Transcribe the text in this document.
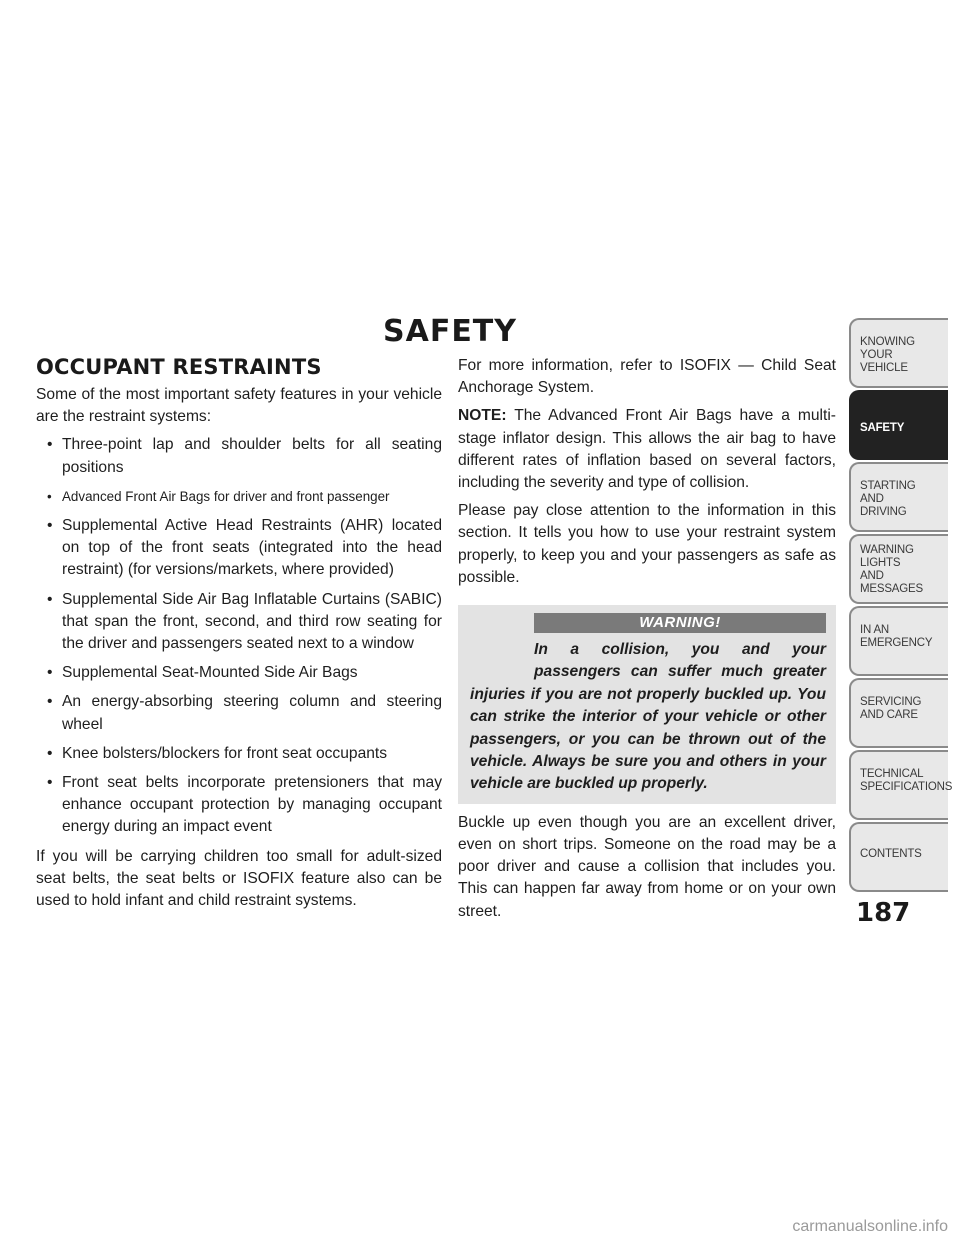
SAFETY
OCCUPANT RESTRAINTS

Some of the most important safety features in your vehicle are the restraint systems:

• Three-point lap and shoulder belts for all seating positions
• Advanced Front Air Bags for driver and front passenger
• Supplemental Active Head Restraints (AHR) located on top of the front seats (integrated into the head restraint) (for versions/markets, where provided)
• Supplemental Side Air Bag Inflatable Curtains (SABIC) that span the front, second, and third row seating for the driver and passengers seated next to a window
• Supplemental Seat-Mounted Side Air Bags
• An energy-absorbing steering column and steering wheel
• Knee bolsters/blockers for front seat occupants
• Front seat belts incorporate pretensioners that may enhance occupant protection by managing occupant energy during an impact event

If you will be carrying children too small for adult-sized seat belts, the seat belts or ISOFIX feature also can be used to hold infant and child restraint systems.

For more information, refer to ISOFIX — Child Seat Anchorage System.

NOTE: The Advanced Front Air Bags have a multi-stage inflator design. This allows the air bag to have different rates of inflation based on several factors, including the severity and type of collision.

Please pay close attention to the information in this section. It tells you how to use your restraint system properly, to keep you and your passengers as safe as possible.

WARNING!
In a collision, you and your passengers can suffer much greater injuries if you are not properly buckled up. You can strike the interior of your vehicle or other passengers, or you can be thrown out of the vehicle. Always be sure you and others in your vehicle are buckled up properly.

Buckle up even though you are an excellent driver, even on short trips. Someone on the road may be a poor driver and cause a collision that includes you. This can happen far away from home or on your own street.

KNOWING
YOUR
VEHICLE
SAFETY
STARTING
AND
DRIVING
WARNING
LIGHTS
AND
MESSAGES
IN AN
EMERGENCY
SERVICING
AND CARE
TECHNICAL
SPECIFICATIONS
CONTENTS
187
carmanualsonline.info
